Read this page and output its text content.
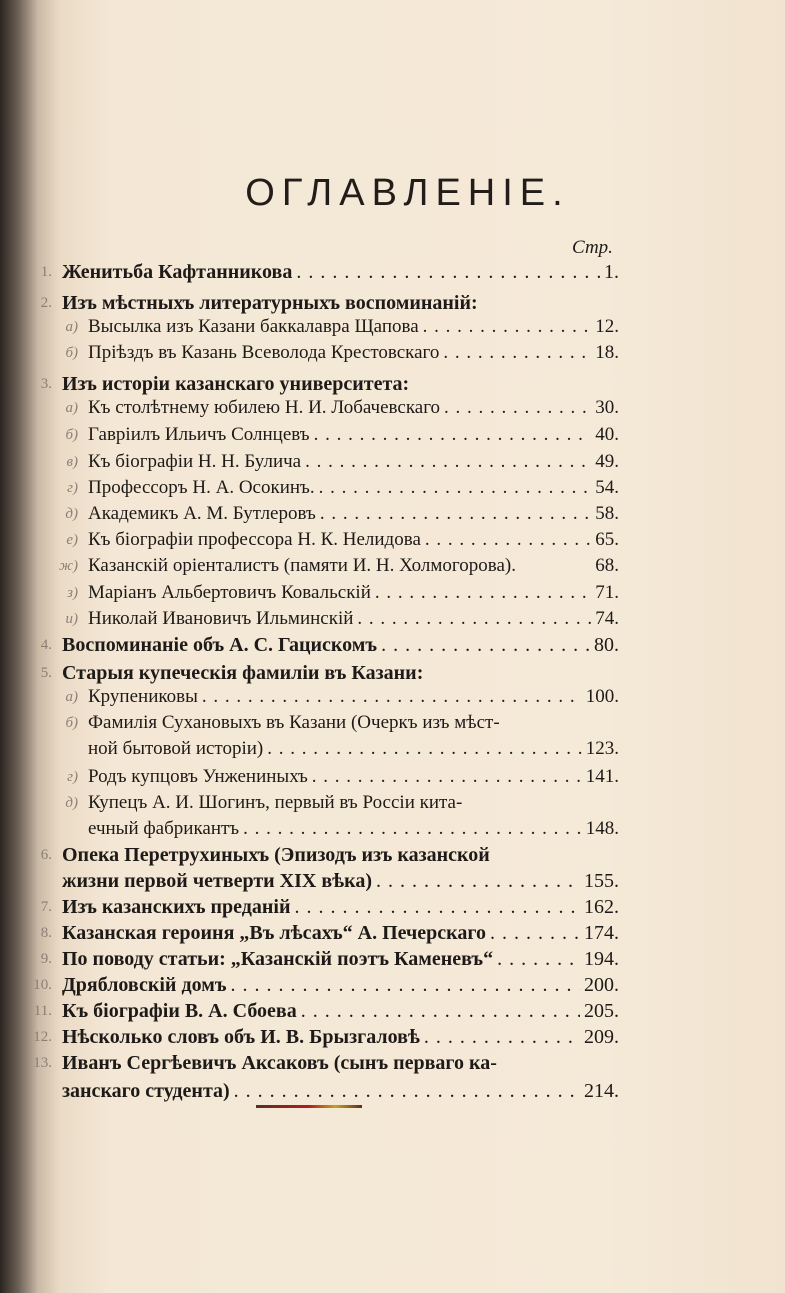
ОГЛАВЛЕНІЕ.
Стр.
1. Женитьба Кафтанниковa . . .	1.
2. Изъ мѣстныхъ литературныхъ воспоминаній:
а) Высылка изъ Казани баккалавра Щапова . . .	12.
б) Пріѣздъ въ Казань Всеволода Крестовскаго . . .	18.
3. Изъ исторіи казанскаго университета:
а) Къ столѣтнему юбилею Н. И. Лобачевскаго . . .	30.
б) Гавріилъ Ильичъ Солнцевъ . . .	40.
в) Къ біографіи Н. Н. Булича . . .	49.
г) Профессоръ Н. А. Осокинъ. . . .	54.
д) Академикъ А. М. Бутлеровъ . . .	58.
е) Къ біографіи профессора Н. К. Нелидова . . .	65.
ж) Казанскій оріенталистъ (памяти И. Н. Холмогорова).	68.
з) Маріанъ Альбертовичъ Ковальскій . . .	71.
и) Николай Ивановичъ Ильминскій . . .	74.
4. Воспоминаніе объ А. С. Гацискомъ . . .	80.
5. Старыя купеческія фамиліи въ Казани:
а) Крупениковы . . .	100.
б) Фамилія Сухановыхъ въ Казани (Очеркъ изъ мѣст-
ной бытовой исторіи) . . .	123.
г) Родъ купцовъ Унжениныхъ . . .	141.
д) Купецъ А. И. Шогинъ, первый въ Россіи кита-
ечный фабрикантъ . . .	148.
6. Опека Перетрухиныхъ (Эпизодъ изъ казанской
жизни первой четверти XIX вѣка) . . .	155.
7. Изъ казанскихъ преданій . . .	162.
8. Казанская героиня „Въ лѣсахъ“ А. Печерскаго . . .	174.
9. По поводу статьи: „Казанскій поэтъ Каменевъ“ . . .	194.
10. Дрябловскій домъ . . .	200.
11. Къ біографіи В. А. Сбоева . . .	205.
12. Нѣсколько словъ объ И. В. Брызгаловѣ . . .	209.
13. Иванъ Сергѣевичъ Аксаковъ (сынъ перваго ка-
занскаго студента) . . .	214.
